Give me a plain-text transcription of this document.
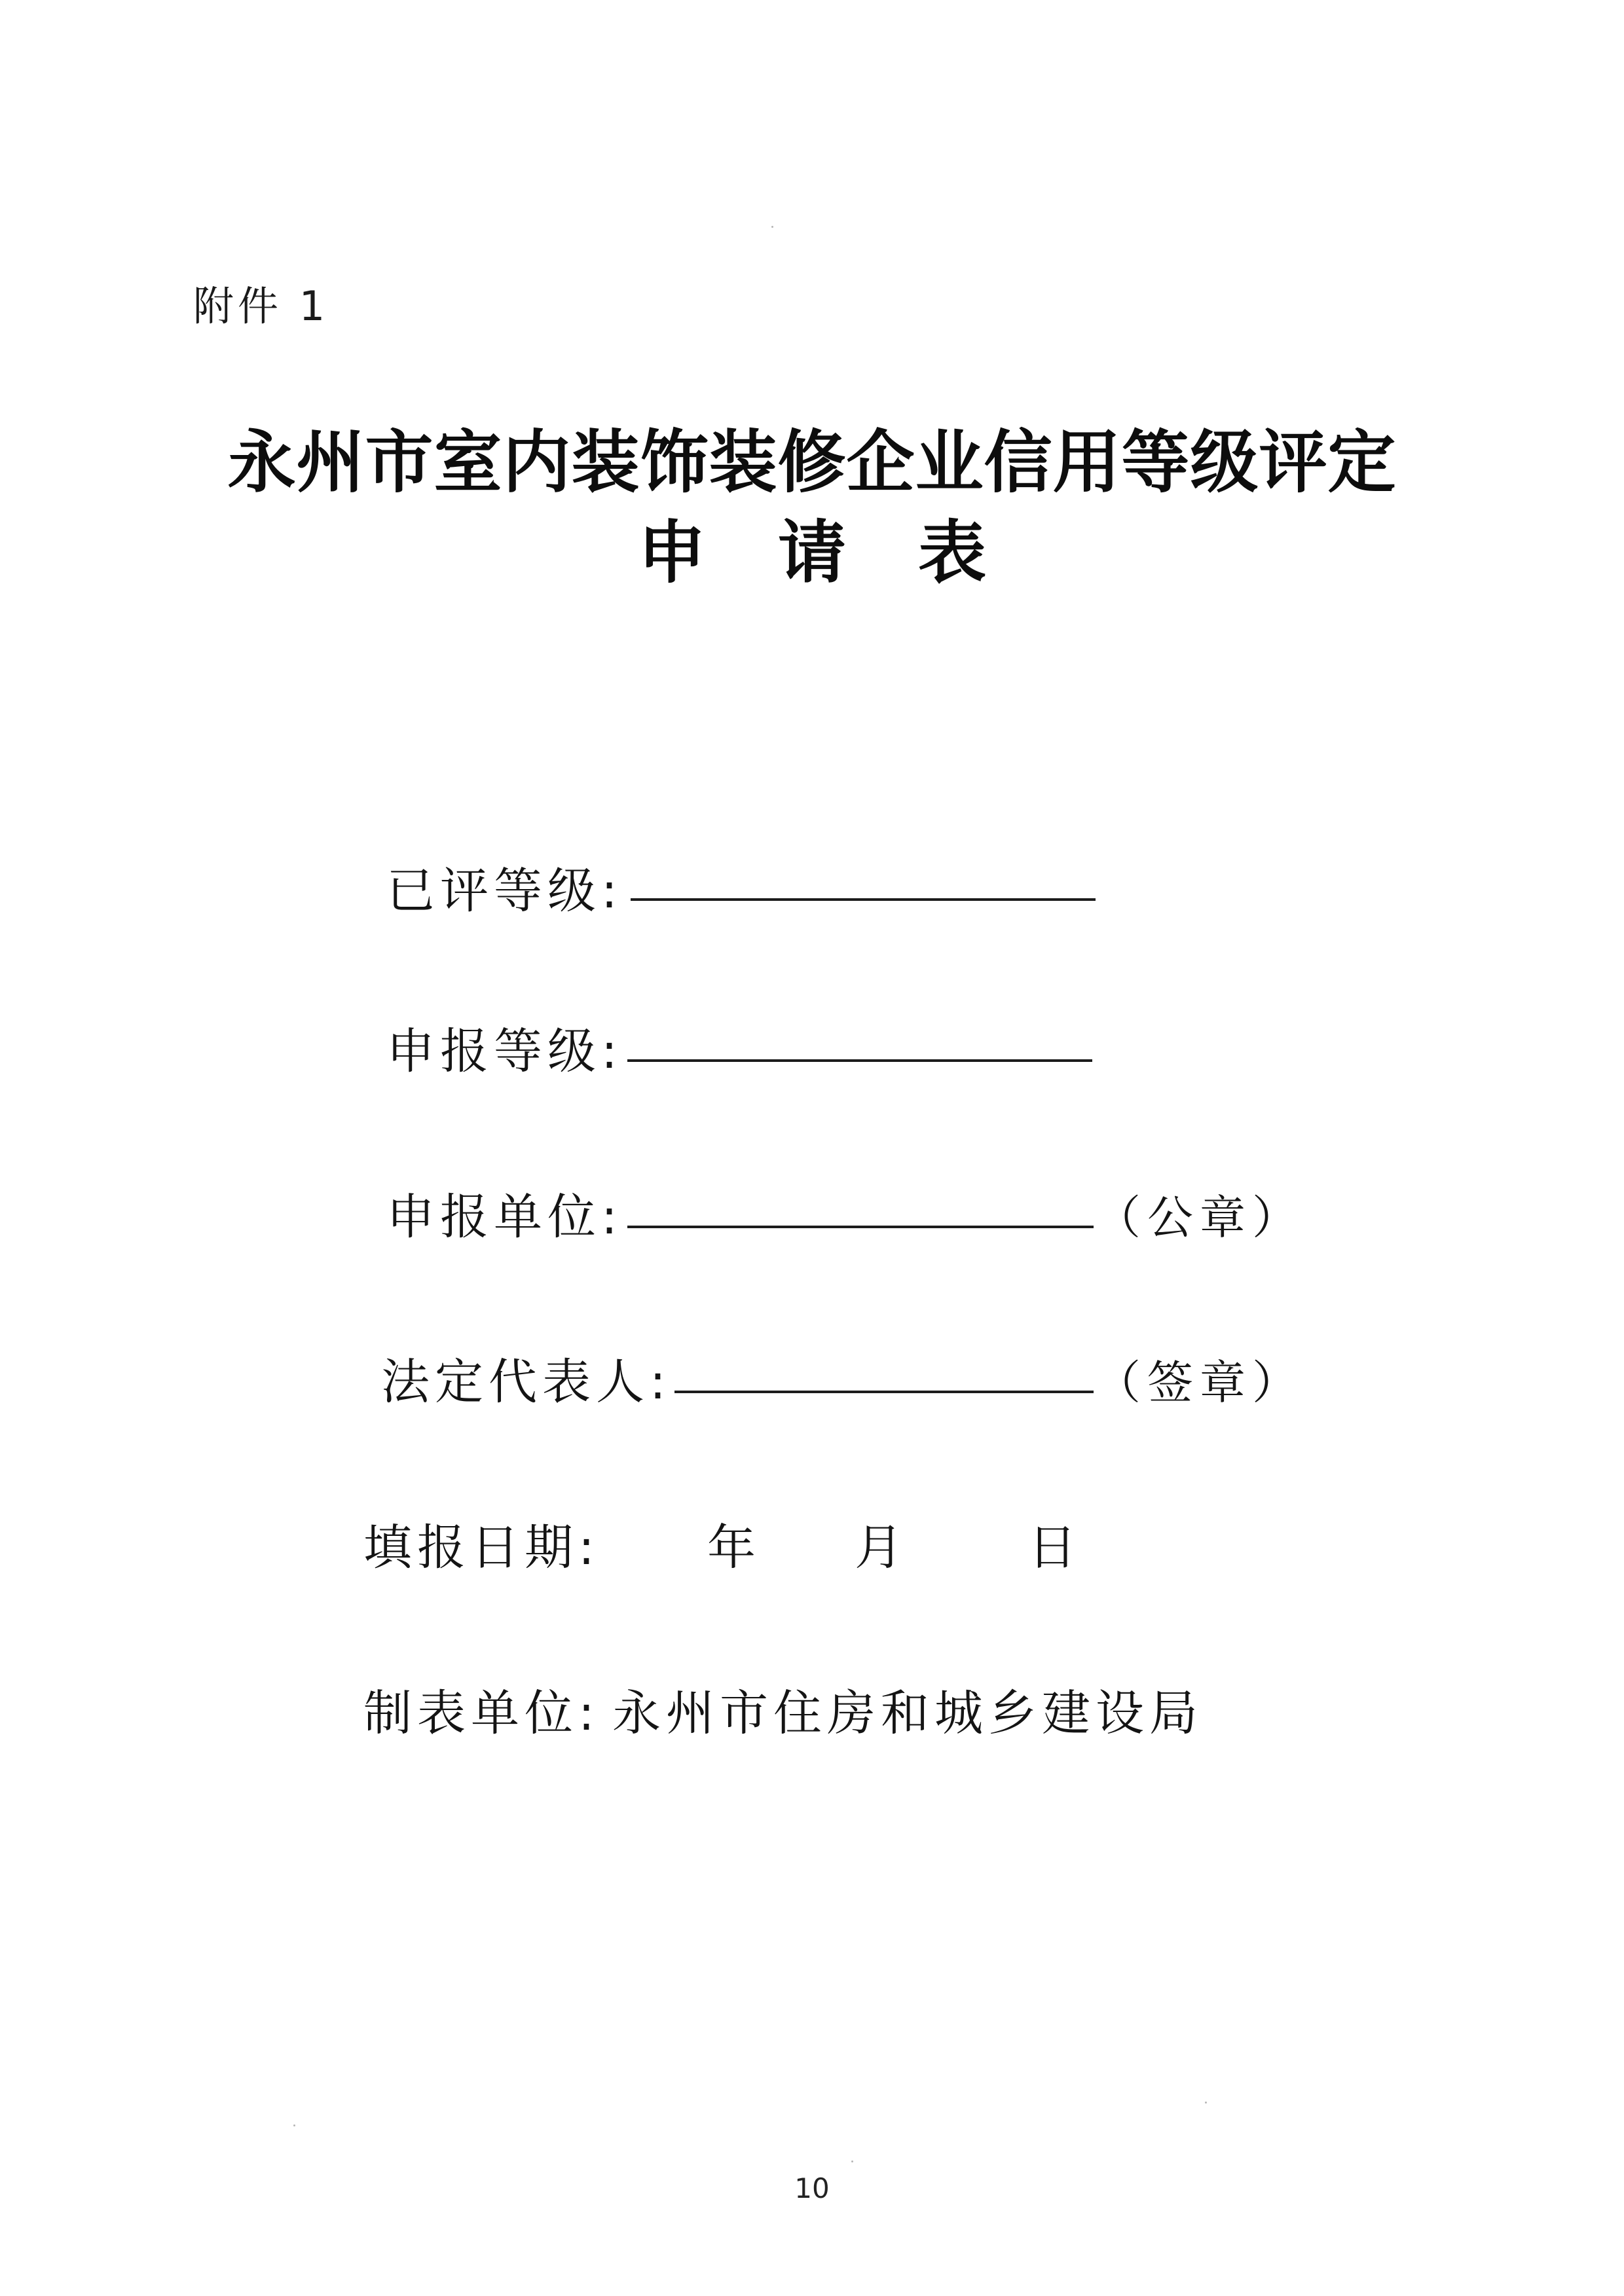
附件 1
永州市室内装饰装修企业信用等级评定
申请表
已评等级:
申报等级:
申报单位:	（公章）
法定代表人:	（签章）
填报日期: 年 月	日
制表单位: 永州市住房和城乡建设局
10
